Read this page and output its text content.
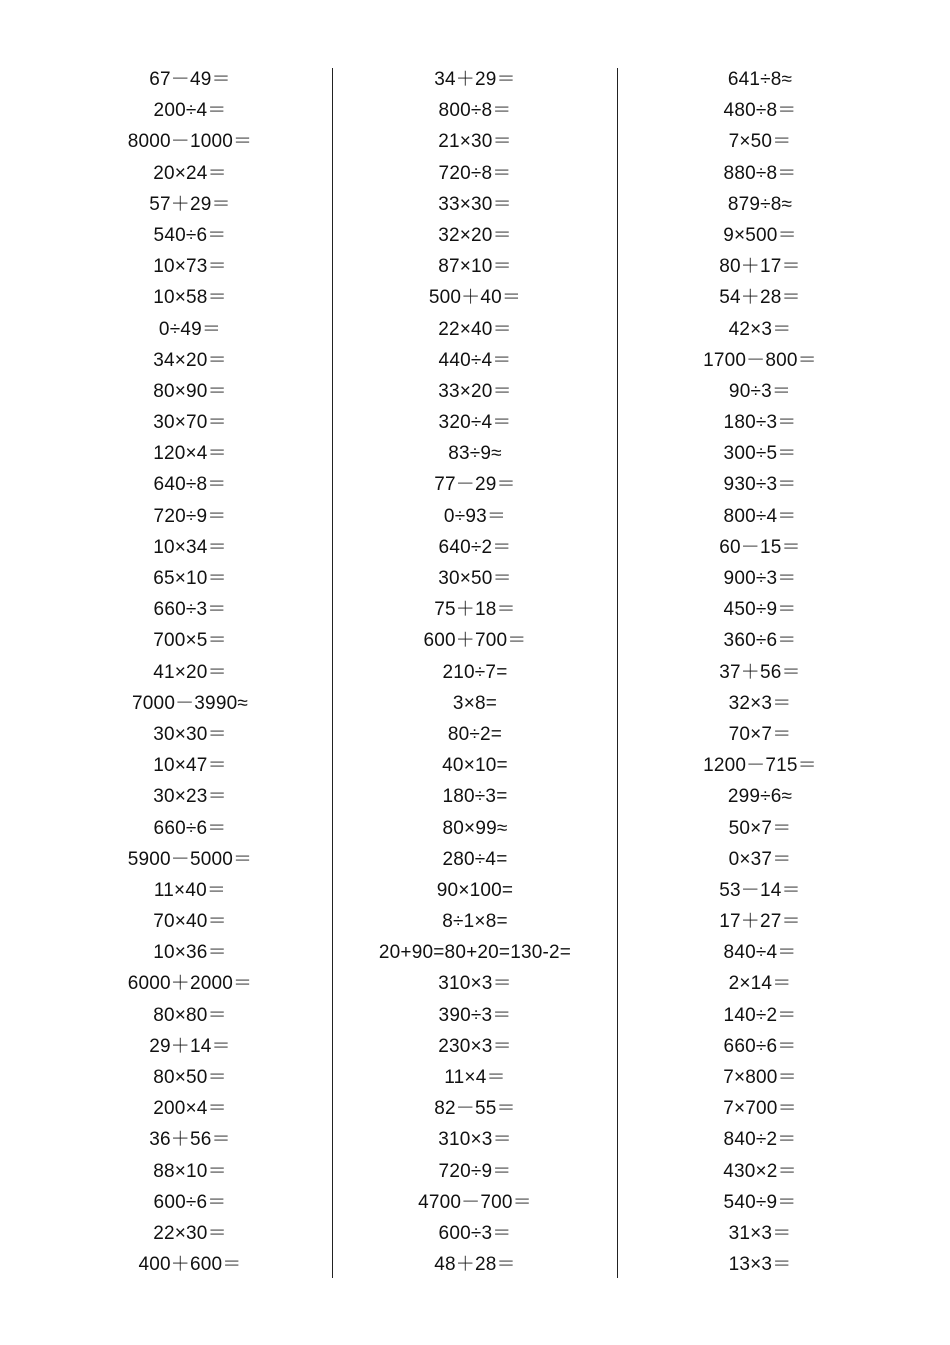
67－49＝
200÷4＝
8000－1000＝
20×24＝
57＋29＝
540÷6＝
10×73＝
10×58＝
0÷49＝
34×20＝
80×90＝
30×70＝
120×4＝
640÷8＝
720÷9＝
10×34＝
65×10＝
660÷3＝
700×5＝
41×20＝
7000－3990≈
30×30＝
10×47＝
30×23＝
660÷6＝
5900－5000＝
11×40＝
70×40＝
10×36＝
6000＋2000＝
80×80＝
29＋14＝
80×50＝
200×4＝
36＋56＝
88×10＝
600÷6＝
22×30＝
400＋600＝
34＋29＝
800÷8＝
21×30＝
720÷8＝
33×30＝
32×20＝
87×10＝
500＋40＝
22×40＝
440÷4＝
33×20＝
320÷4＝
83÷9≈
77－29＝
0÷93＝
640÷2＝
30×50＝
75＋18＝
600＋700＝
210÷7=
3×8=
80÷2=
40×10=
180÷3=
80×99≈
280÷4=
90×100=
8÷1×8=
20+90=80+20=130-2=
310×3＝
390÷3＝
230×3＝
11×4＝
82－55＝
310×3＝
720÷9＝
4700－700＝
600÷3＝
48＋28＝
641÷8≈
480÷8＝
7×50＝
880÷8＝
879÷8≈
9×500＝
80＋17＝
54＋28＝
42×3＝
1700－800＝
90÷3＝
180÷3＝
300÷5＝
930÷3＝
800÷4＝
60－15＝
900÷3＝
450÷9＝
360÷6＝
37＋56＝
32×3＝
70×7＝
1200－715＝
299÷6≈
50×7＝
0×37＝
53－14＝
17＋27＝
840÷4＝
2×14＝
140÷2＝
660÷6＝
7×800＝
7×700＝
840÷2＝
430×2＝
540÷9＝
31×3＝
13×3＝
